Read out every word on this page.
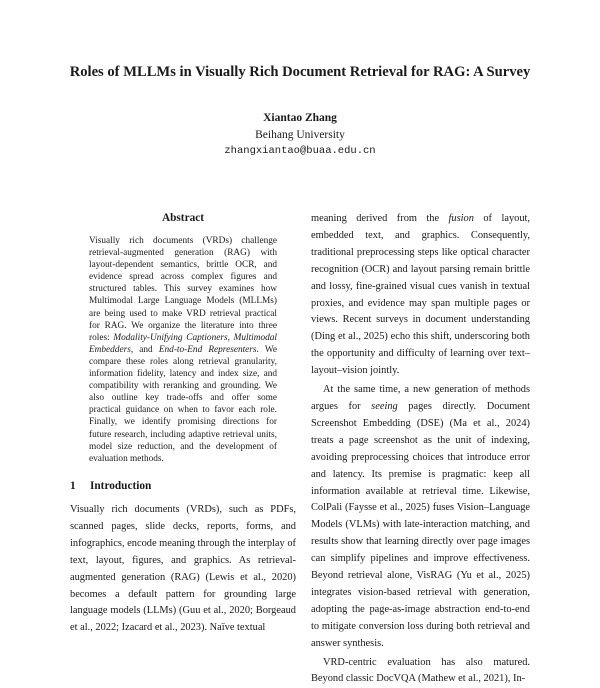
Roles of MLLMs in Visually Rich Document Retrieval for RAG: A Survey
Xiantao Zhang
Beihang University
zhangxiantao@buaa.edu.cn
Abstract
Visually rich documents (VRDs) challenge retrieval-augmented generation (RAG) with layout-dependent semantics, brittle OCR, and evidence spread across complex figures and structured tables. This survey examines how Multimodal Large Language Models (MLLMs) are being used to make VRD retrieval practical for RAG. We organize the literature into three roles: Modality-Unifying Captioners, Multimodal Embedders, and End-to-End Representers. We compare these roles along retrieval granularity, information fidelity, latency and index size, and compatibility with reranking and grounding. We also outline key trade-offs and offer some practical guidance on when to favor each role. Finally, we identify promising directions for future research, including adaptive retrieval units, model size reduction, and the development of evaluation methods.
1 Introduction
Visually rich documents (VRDs), such as PDFs, scanned pages, slide decks, reports, forms, and infographics, encode meaning through the interplay of text, layout, figures, and graphics. As retrieval-augmented generation (RAG) (Lewis et al., 2020) becomes a default pattern for grounding large language models (LLMs) (Guu et al., 2020; Borgeaud et al., 2022; Izacard et al., 2023). Naïve textual

meaning derived from the fusion of layout, embedded text, and graphics. Consequently, traditional preprocessing steps like optical character recognition (OCR) and layout parsing remain brittle and lossy, fine-grained visual cues vanish in textual proxies, and evidence may span multiple pages or views. Recent surveys in document understanding (Ding et al., 2025) echo this shift, underscoring both the opportunity and difficulty of learning over text–layout–vision jointly.

At the same time, a new generation of methods argues for seeing pages directly. Document Screenshot Embedding (DSE) (Ma et al., 2024) treats a page screenshot as the unit of indexing, avoiding preprocessing choices that introduce error and latency. Its premise is pragmatic: keep all information available at retrieval time. Likewise, ColPali (Faysse et al., 2025) fuses Vision–Language Models (VLMs) with late-interaction matching, and results show that learning directly over page images can simplify pipelines and improve effectiveness. Beyond retrieval alone, VisRAG (Yu et al., 2025) integrates vision-based retrieval with generation, adopting the page-as-image abstraction end-to-end to mitigate conversion loss during both retrieval and answer synthesis.

VRD-centric evaluation has also matured. Beyond classic DocVQA (Mathew et al., 2021), In-
